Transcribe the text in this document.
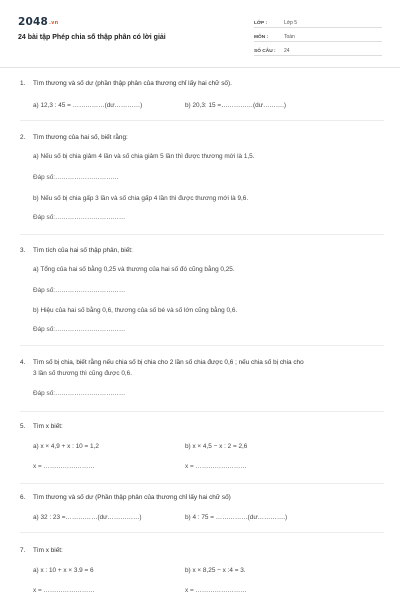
2048.vn
24 bài tập Phép chia số thập phân có lời giải
LỚP :	Lớp 5
MÔN :	Toán
SỐ CÂU :	24
1. Tìm thương và số dư (phần thập phân của thương chỉ lấy hai chữ số).
a) 12,3 : 45 = ……………(dư…………)	b) 20,3: 15 =……………(dư……….)
2. Tìm thương của hai số, biết rằng:
a) Nếu số bị chia giảm 4 lần và số chia giảm 5 lần thì được thương mới là 1,5.
Đáp số:…………………………
b) Nếu số bị chia gấp 3 lần và số chia gấp 4 lần thì được thương mới là 9,6.
Đáp số:……………………………
3. Tìm tích của hai số thập phân, biết:
a) Tổng của hai số bằng 0,25 và thương của hai số đó cũng bằng 0,25.
Đáp số:……………………………
b) Hiệu của hai số bằng 0,6, thương của số bé và số lớn cũng bằng 0,6.
Đáp số:……………………………
4. Tìm số bị chia, biết rằng nếu chia số bị chia cho 2 lần số chia được 0,6 ; nếu chia số bị chia cho
3 lần số thương thì cũng được 0,6.
Đáp số:……………………………
5. Tìm x biết:
a) x × 4,9 + x : 10 = 1,2	b) x × 4,5 − x : 2 = 2,6
x = ……………………	x = ……………………
6. Tìm thương và số dư (Phần thập phân của thương chỉ lấy hai chữ số)
a) 32 : 23 =……………(dư……………)	b) 4 : 75 = ……………(dư………….)
7. Tìm x biết:
a) x : 10 + x × 3.9 = 6	b) x × 8,25 − x :4 = 3.
x = ……………………	x = ……………………
